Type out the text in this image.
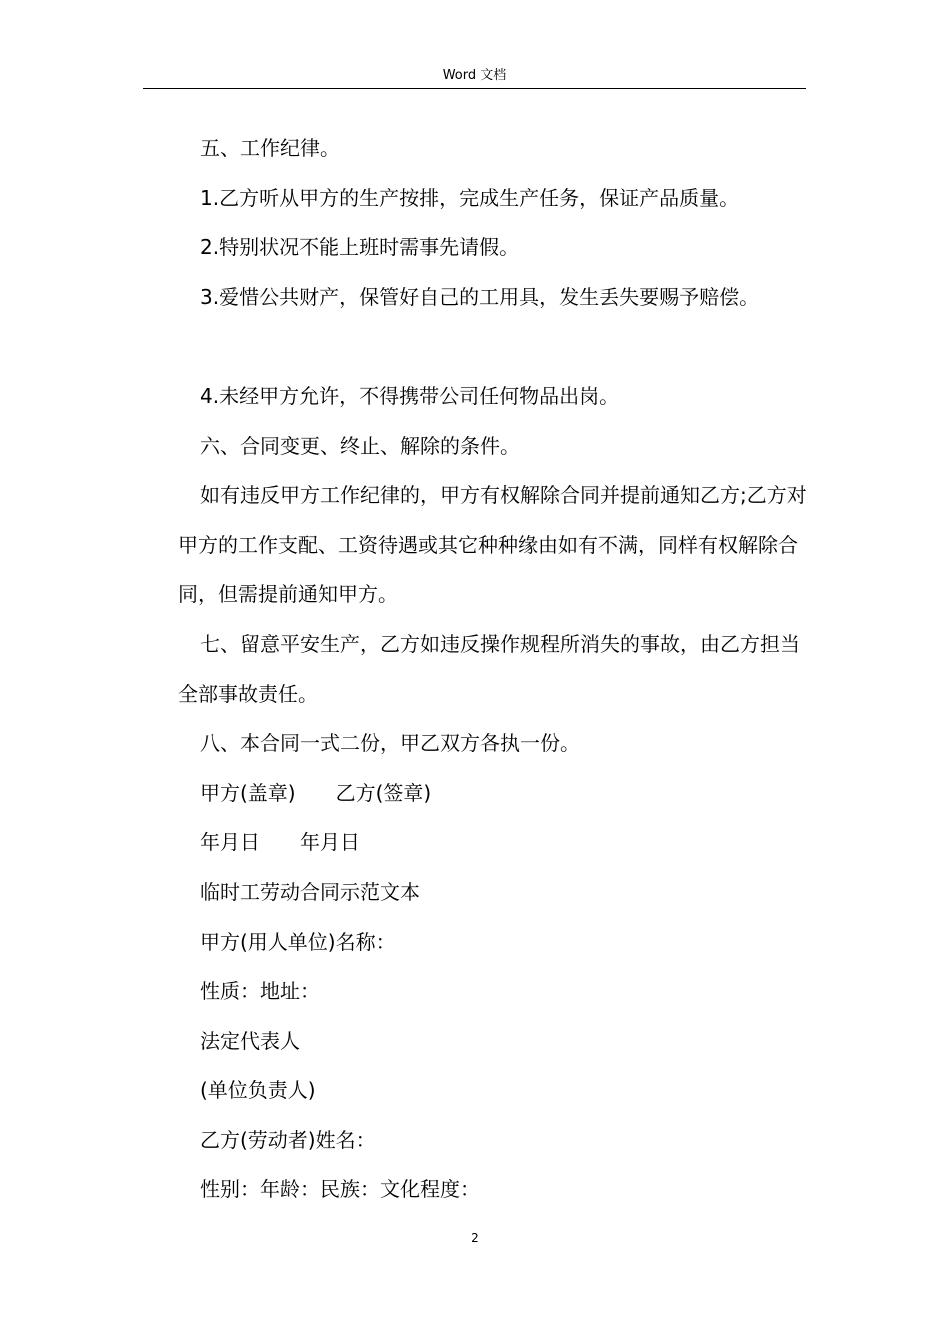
Word 文档

五、工作纪律。

1.乙方听从甲方的生产按排，完成生产任务，保证产品质量。

2.特别状况不能上班时需事先请假。

3.爱惜公共财产，保管好自己的工用具，发生丢失要赐予赔偿。

4.未经甲方允许，不得携带公司任何物品出岗。

六、合同变更、终止、解除的条件。

如有违反甲方工作纪律的，甲方有权解除合同并提前通知乙方;乙方对甲方的工作支配、工资待遇或其它种种缘由如有不满，同样有权解除合同，但需提前通知甲方。

七、留意平安生产，乙方如违反操作规程所消失的事故，由乙方担当全部事故责任。

八、本合同一式二份，甲乙双方各执一份。

甲方(盖章)　　乙方(签章)

年月日　　年月日

临时工劳动合同示范文本

甲方(用人单位)名称：

性质：地址：

法定代表人

(单位负责人)

乙方(劳动者)姓名：

性别：年龄：民族：文化程度：

2
